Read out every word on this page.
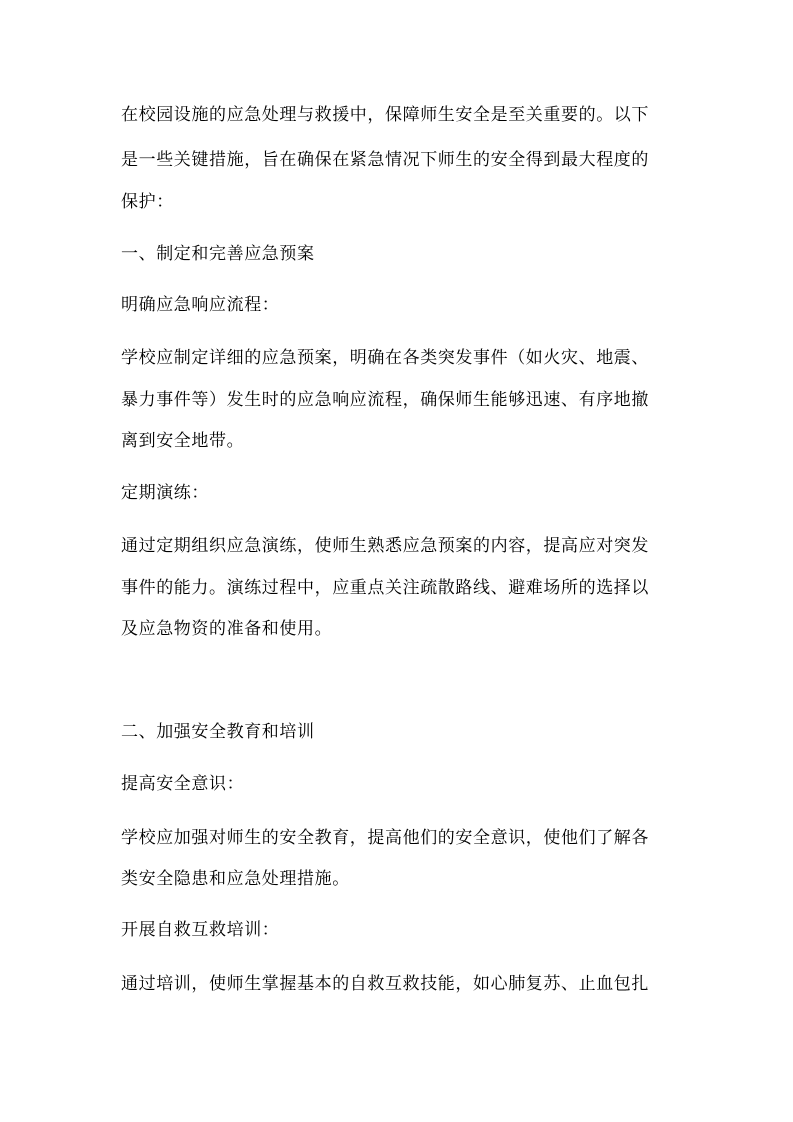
在校园设施的应急处理与救援中，保障师生安全是至关重要的。以下
是一些关键措施，旨在确保在紧急情况下师生的安全得到最大程度的
保护：
一、制定和完善应急预案
明确应急响应流程：
学校应制定详细的应急预案，明确在各类突发事件（如火灾、地震、
暴力事件等）发生时的应急响应流程，确保师生能够迅速、有序地撤
离到安全地带。
定期演练：
通过定期组织应急演练，使师生熟悉应急预案的内容，提高应对突发
事件的能力。演练过程中，应重点关注疏散路线、避难场所的选择以
及应急物资的准备和使用。
二、加强安全教育和培训
提高安全意识：
学校应加强对师生的安全教育，提高他们的安全意识，使他们了解各
类安全隐患和应急处理措施。
开展自救互救培训：
通过培训，使师生掌握基本的自救互救技能，如心肺复苏、止血包扎
